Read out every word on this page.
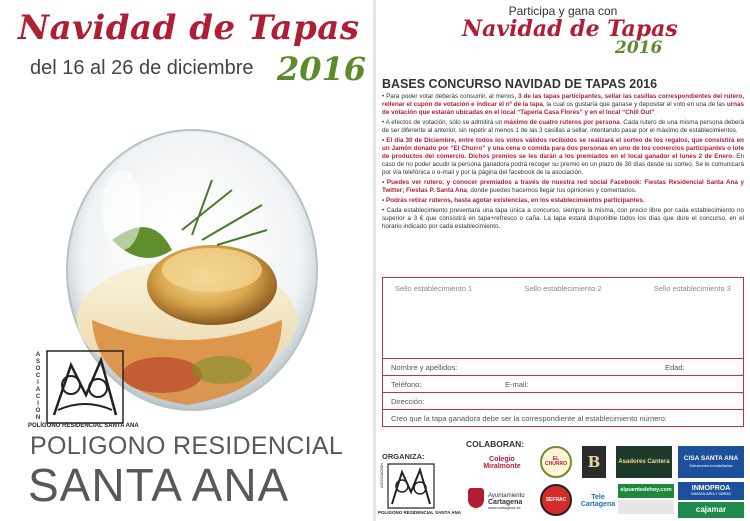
Navidad de Tapas
del 16 al 26 de diciembre 2016
A
S
O
C
I
A
C
I
Ó
N
POLÍGONO RESIDENCIAL SANTA ANA
POLIGONO RESIDENCIAL
SANTA ANA
Participa y gana con
Navidad de Tapas
2016
BASES CONCURSO NAVIDAD DE TAPAS 2016

• Para poder votar deberás consumir, al menos, 3 de las tapas participantes, sellar las casillas correspondientes del rutero, rellenar el cupón de votación e indicar el nº de la tapa, la cual os gustaría que ganase y depositar el voto en una de las urnas de votación que estarán ubicadas en el local “Tapería Casa Flores” y en el local “Chill Out”

• A efectos de votación, sólo se admitirá un máximo de cuatro ruteros por persona. Cada rutero de una misma persona deberá de ser diferente al anterior, sin repetir al menos 1 de las 3 casillas a sellar, intentando pasar por el máximo de establecimientos.

• El día 30 de Diciembre, entre todos los votos válidos recibidos se realizará el sorteo de los regalos, que consistirá en un Jamón donado por “El Churro” y una cena o comida para dos personas en uno de los comercios participantes o lote de productos del comercio. Dichos premios se les darán a los premiados en el local ganador el lunes 2 de Enero. En caso de no poder acudir la persona ganadora podrá recoger su premio en un plazo de 30 días desde su sorteo. Se le comunicará por vía telefónica o e-mail y por la página del facebook de la asociación.

• Puedes ver rutero, y conocer premiados a través de nuestra red social Facebook: Fiestas Residencial Santa Ana y Twitter; Fiestas P. Santa Ana, donde puedes hacernos llegar tus opiniones y comentarios.

• Podrás retirar ruteros, hasta agotar existencias, en los establecimientos participantes.

• Cada establecimiento presentará una tapa única a concurso, siempre la misma, con precio libre por cada establecimiento no superior a 3 € que consistirá en tapa+refresco o caña. La tapa estará disponible todos los días que dure el concurso, en el horario indicado por cada establecimiento.

Sello establecimiento 1	Sello establecimiento 2	Sello establecimiento 3
Nombre y apellidos:	Edad:
Teléfono:	E-mail:
Dirección:
Creo que la tapa ganadora debe ser la correspondiente al establecimiento número:
ORGANIZA:
ASOCIACIÓN
POLÍGONO RESIDENCIAL SANTA ANA
COLABORAN:
Colegio Miralmonte
EL CHURRO B	Asadores Cantera
CISA SANTA ANA
Soluciones Inmobiliarias
Ayuntamiento
Cartagena
www.cartagena.es
SEFRAC	Tele
Cartagena
elpuentedehoy.com	INMOPROA
INMOBILIARIA Y OBRAS
cajamar
